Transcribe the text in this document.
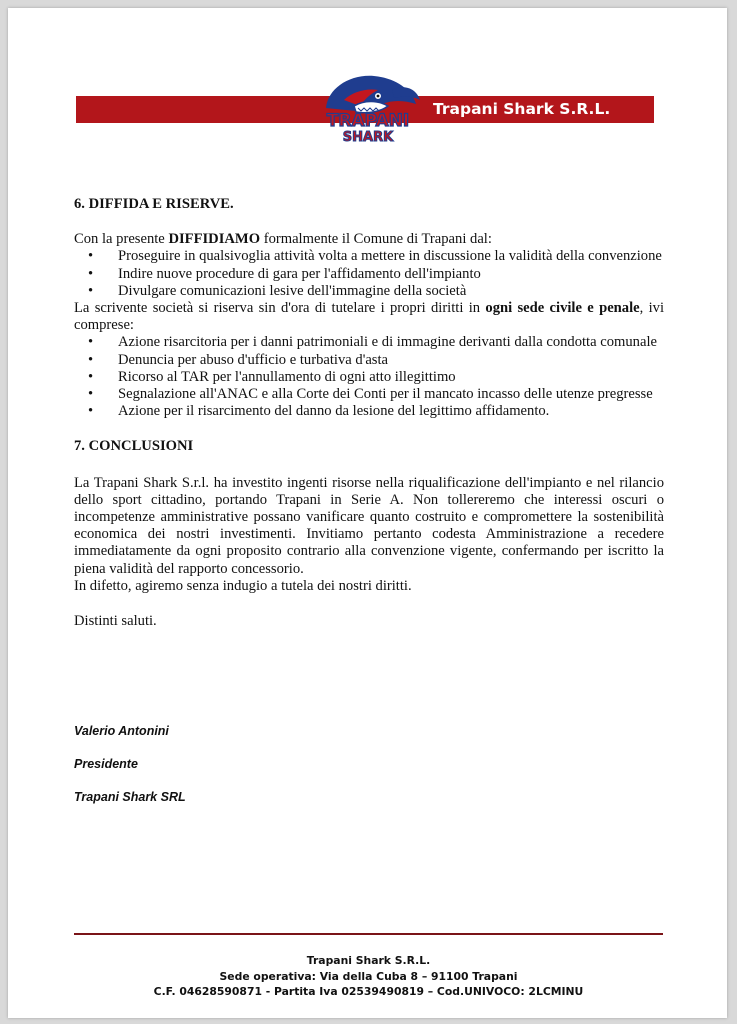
Trapani Shark S.R.L.
TRAPANI
SHARK

6. DIFFIDA E RISERVE.

Con la presente DIFFIDIAMO formalmente il Comune di Trapani dal:

• Proseguire in qualsivoglia attività volta a mettere in discussione la validità della convenzione
• Indire nuove procedure di gara per l'affidamento dell'impianto
• Divulgare comunicazioni lesive dell'immagine della società

La scrivente società si riserva sin d'ora di tutelare i propri diritti in ogni sede civile e penale, ivi comprese:

• Azione risarcitoria per i danni patrimoniali e di immagine derivanti dalla condotta comunale
• Denuncia per abuso d'ufficio e turbativa d'asta
• Ricorso al TAR per l'annullamento di ogni atto illegittimo
• Segnalazione all'ANAC e alla Corte dei Conti per il mancato incasso delle utenze pregresse
• Azione per il risarcimento del danno da lesione del legittimo affidamento.

7. CONCLUSIONI

La Trapani Shark S.r.l. ha investito ingenti risorse nella riqualificazione dell'impianto e nel rilancio dello sport cittadino, portando Trapani in Serie A. Non tollereremo che interessi oscuri o incompetenze amministrative possano vanificare quanto costruito e compromettere la sostenibilità economica dei nostri investimenti. Invitiamo pertanto codesta Amministrazione a recedere immediatamente da ogni proposito contrario alla convenzione vigente, confermando per iscritto la piena validità del rapporto concessorio.

In difetto, agiremo senza indugio a tutela dei nostri diritti.

Distinti saluti.

Valerio Antonini
Presidente
Trapani Shark SRL
Trapani Shark S.R.L.
Sede operativa: Via della Cuba 8 – 91100 Trapani
C.F. 04628590871 - Partita Iva 02539490819 – Cod.UNIVOCO: 2LCMINU
